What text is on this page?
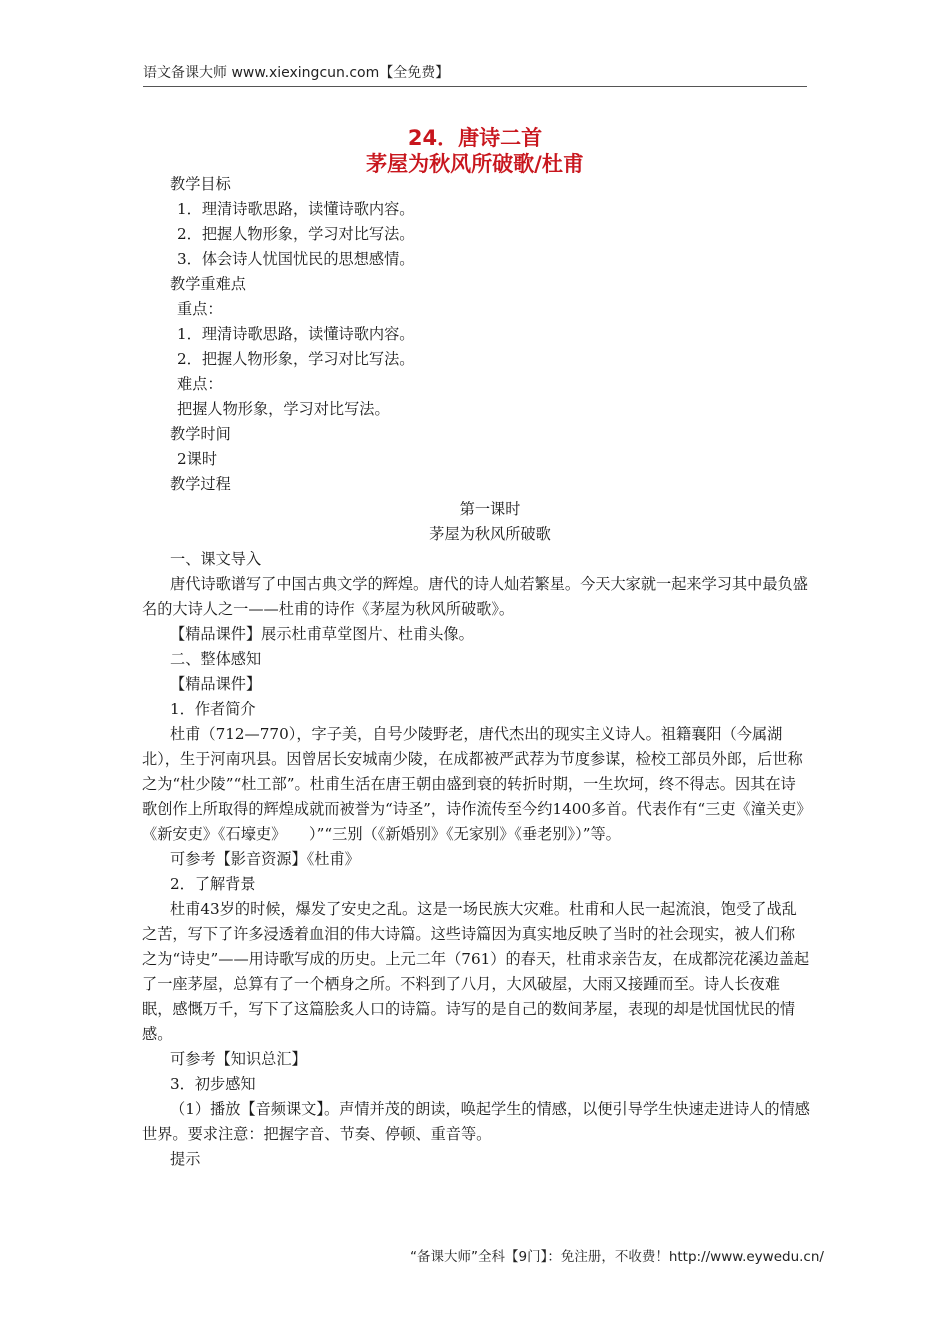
语文备课大师 www.xiexingcun.com【全免费】
24．唐诗二首
茅屋为秋风所破歌/杜甫
教学目标
1．理清诗歌思路，读懂诗歌内容。
2．把握人物形象，学习对比写法。
3．体会诗人忧国忧民的思想感情。
教学重难点
重点：
1．理清诗歌思路，读懂诗歌内容。
2．把握人物形象，学习对比写法。
难点：
把握人物形象，学习对比写法。
教学时间
2课时
教学过程
第一课时
茅屋为秋风所破歌
一、课文导入
唐代诗歌谱写了中国古典文学的辉煌。唐代的诗人灿若繁星。今天大家就一起来学习其中最负盛名的大诗人之一——杜甫的诗作《茅屋为秋风所破歌》。
【精品课件】展示杜甫草堂图片、杜甫头像。
二、整体感知
【精品课件】
1．作者简介
杜甫（712—770），字子美，自号少陵野老，唐代杰出的现实主义诗人。祖籍襄阳（今属湖北），生于河南巩县。因曾居长安城南少陵，在成都被严武荐为节度参谋，检校工部员外郎，后世称之为“杜少陵”“杜工部”。杜甫生活在唐王朝由盛到衰的转折时期，一生坎坷，终不得志。因其在诗歌创作上所取得的辉煌成就而被誉为“诗圣”，诗作流传至今约1400多首。代表作有“三吏《潼关吏》《新安吏》《石壕吏》　　）”“三别（《新婚别》《无家别》《垂老别》）”等。
可参考【影音资源】《杜甫》
2．了解背景
杜甫43岁的时候，爆发了安史之乱。这是一场民族大灾难。杜甫和人民一起流浪，饱受了战乱之苦，写下了许多浸透着血泪的伟大诗篇。这些诗篇因为真实地反映了当时的社会现实，被人们称之为“诗史”——用诗歌写成的历史。上元二年（761）的春天，杜甫求亲告友，在成都浣花溪边盖起了一座茅屋，总算有了一个栖身之所。不料到了八月，大风破屋，大雨又接踵而至。诗人长夜难眠，感慨万千，写下了这篇脍炙人口的诗篇。诗写的是自己的数间茅屋，表现的却是忧国忧民的情感。
可参考【知识总汇】
3．初步感知
（1）播放【音频课文】。声情并茂的朗读，唤起学生的情感，以便引导学生快速走进诗人的情感世界。要求注意：把握字音、节奏、停顿、重音等。
提示
“备课大师”全科【9门】：免注册，不收费！http://www.eywedu.cn/
